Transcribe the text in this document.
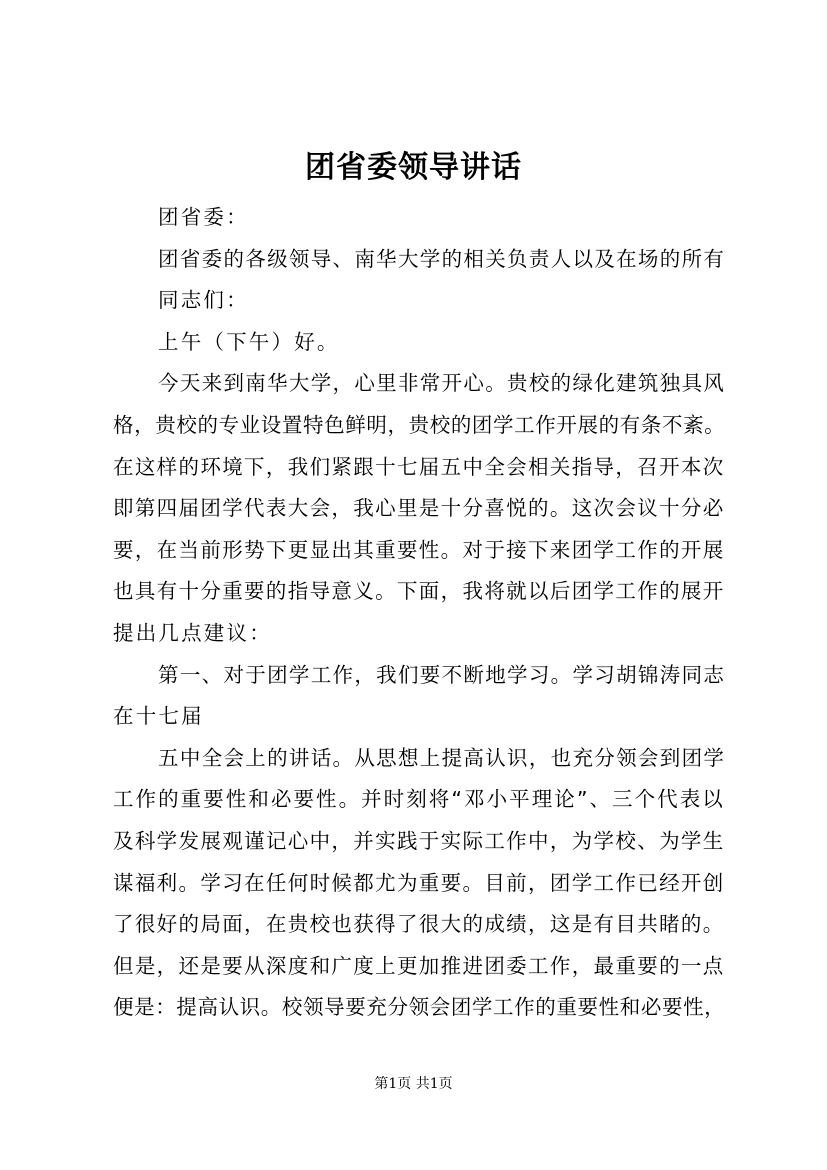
团省委领导讲话
团省委：
团省委的各级领导、南华大学的相关负责人以及在场的所有
同志们：
上午（下午）好。
今天来到南华大学，心里非常开心。贵校的绿化建筑独具风
格，贵校的专业设置特色鲜明，贵校的团学工作开展的有条不紊。
在这样的环境下，我们紧跟十七届五中全会相关指导，召开本次
即第四届团学代表大会，我心里是十分喜悦的。这次会议十分必
要，在当前形势下更显出其重要性。对于接下来团学工作的开展
也具有十分重要的指导意义。下面，我将就以后团学工作的展开
提出几点建议：
第一、对于团学工作，我们要不断地学习。学习胡锦涛同志
在十七届
五中全会上的讲话。从思想上提高认识，也充分领会到团学
工作的重要性和必要性。并时刻将“邓小平理论”、三个代表以
及科学发展观谨记心中，并实践于实际工作中，为学校、为学生
谋福利。学习在任何时候都尤为重要。目前，团学工作已经开创
了很好的局面，在贵校也获得了很大的成绩，这是有目共睹的。
但是，还是要从深度和广度上更加推进团委工作，最重要的一点
便是：提高认识。校领导要充分领会团学工作的重要性和必要性，
第1页 共1页
